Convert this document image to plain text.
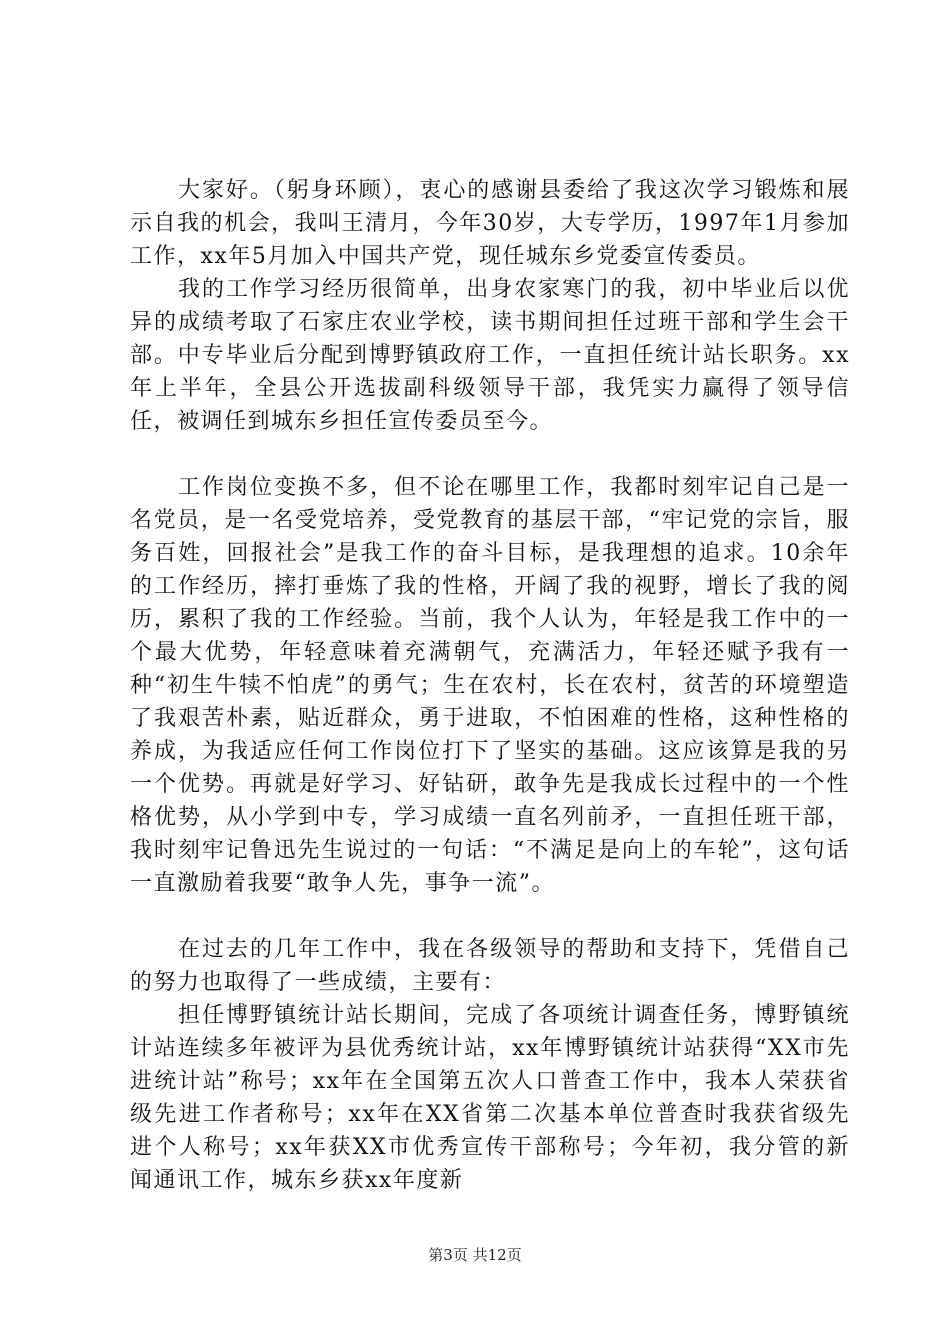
大家好。（躬身环顾），衷心的感谢县委给了我这次学习锻炼和展示自我的机会，我叫王清月，今年30岁，大专学历，1997年1月参加工作，xx年5月加入中国共产党，现任城东乡党委宣传委员。

我的工作学习经历很简单，出身农家寒门的我，初中毕业后以优异的成绩考取了石家庄农业学校，读书期间担任过班干部和学生会干部。中专毕业后分配到博野镇政府工作，一直担任统计站长职务。xx年上半年，全县公开选拔副科级领导干部，我凭实力赢得了领导信任，被调任到城东乡担任宣传委员至今。

工作岗位变换不多，但不论在哪里工作，我都时刻牢记自己是一名党员，是一名受党培养，受党教育的基层干部，“牢记党的宗旨，服务百姓，回报社会”是我工作的奋斗目标，是我理想的追求。10余年的工作经历，摔打垂炼了我的性格，开阔了我的视野，增长了我的阅历，累积了我的工作经验。当前，我个人认为，年轻是我工作中的一个最大优势，年轻意味着充满朝气，充满活力，年轻还赋予我有一种“初生牛犊不怕虎”的勇气；生在农村，长在农村，贫苦的环境塑造了我艰苦朴素，贴近群众，勇于进取，不怕困难的性格，这种性格的养成，为我适应任何工作岗位打下了坚实的基础。这应该算是我的另一个优势。再就是好学习、好钻研，敢争先是我成长过程中的一个性格优势，从小学到中专，学习成绩一直名列前矛，一直担任班干部，我时刻牢记鲁迅先生说过的一句话：“不满足是向上的车轮”，这句话一直激励着我要“敢争人先，事争一流”。

在过去的几年工作中，我在各级领导的帮助和支持下，凭借自己的努力也取得了一些成绩，主要有：

担任博野镇统计站长期间，完成了各项统计调查任务，博野镇统计站连续多年被评为县优秀统计站，xx年博野镇统计站获得“XX市先进统计站”称号；xx年在全国第五次人口普查工作中，我本人荣获省级先进工作者称号；xx年在XX省第二次基本单位普查时我获省级先进个人称号；xx年获XX市优秀宣传干部称号；今年初，我分管的新闻通讯工作，城东乡获xx年度新

第3页 共12页
